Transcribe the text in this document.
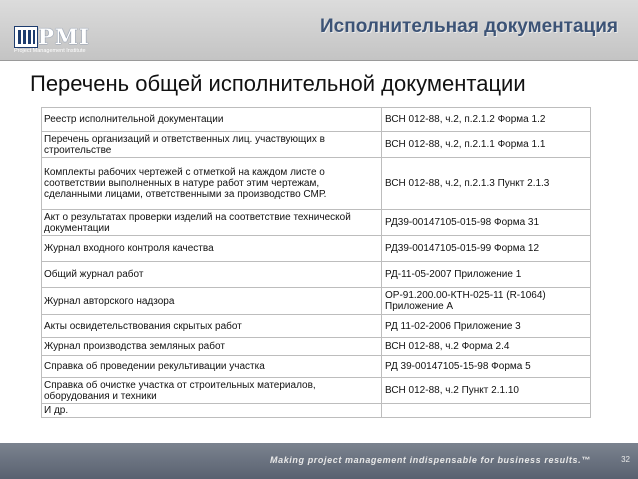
PMI
Project Management Institute
Исполнительная документация
Перечень общей исполнительной документации
Реестр исполнительной документации	ВСН 012-88, ч.2, п.2.1.2 Форма 1.2
Перечень организаций и ответственных лиц. участвующих в строительстве	ВСН 012-88, ч.2, п.2.1.1 Форма 1.1
Комплекты рабочих чертежей с отметкой на каждом листе о соответствии выполненных в натуре работ этим чертежам, сделанными лицами, ответственными за производство СМР.	ВСН 012-88, ч.2, п.2.1.3 Пункт 2.1.3
Акт о результатах проверки изделий на соответствие технической документации	РД39-00147105-015-98 Форма 31
Журнал входного контроля качества	РД39-00147105-015-99 Форма 12
Общий журнал работ	РД-11-05-2007 Приложение 1
Журнал авторского надзора	ОР-91.200.00-КТН-025-11 (R-1064) Приложение А
Акты освидетельствования скрытых работ	РД 11-02-2006 Приложение 3
Журнал производства земляных работ	ВСН 012-88, ч.2 Форма 2.4
Справка об проведении рекультивации участка	РД 39-00147105-15-98 Форма 5
Справка об очистке участка от строительных материалов, оборудования и техники	ВСН 012-88, ч.2 Пункт 2.1.10
И др.	
Making project management indispensable for business results.™	32
